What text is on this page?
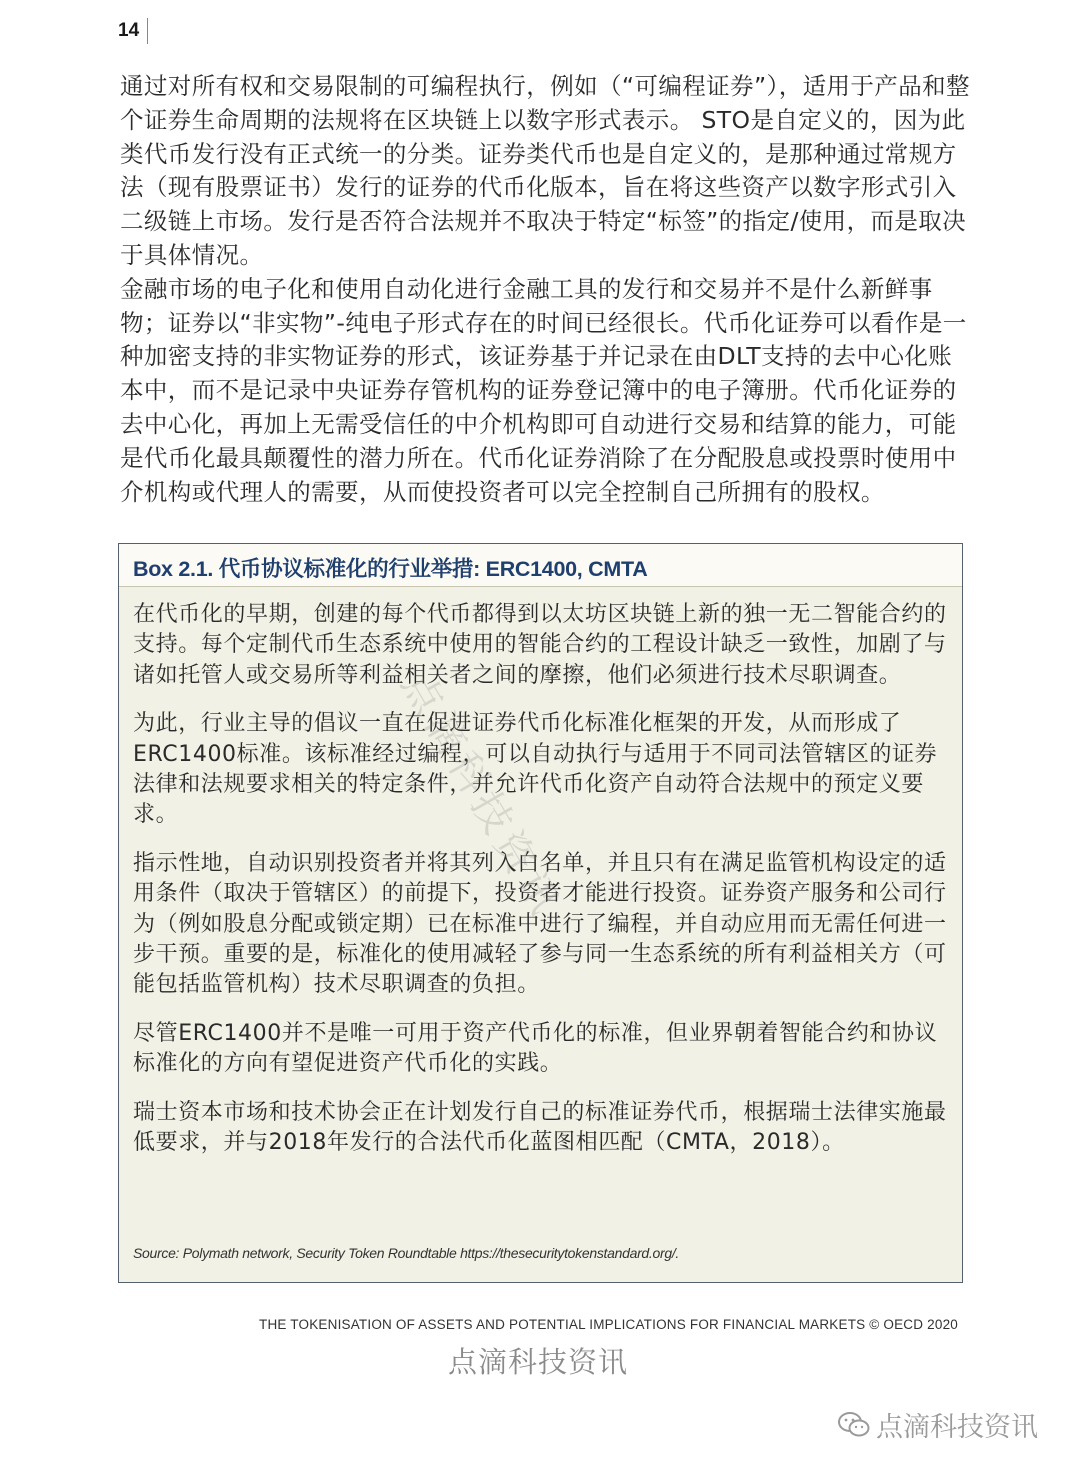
14

通过对所有权和交易限制的可编程执行，例如（“可编程证券”），适用于产品和整个证券生命周期的法规将在区块链上以数字形式表示。 STO是自定义的，因为此类代币发行没有正式统一的分类。证券类代币也是自定义的，是那种通过常规方法（现有股票证书）发行的证券的代币化版本，旨在将这些资产以数字形式引入二级链上市场。发行是否符合法规并不取决于特定“标签”的指定/使用，而是取决于具体情况。

金融市场的电子化和使用自动化进行金融工具的发行和交易并不是什么新鲜事物；证券以“非实物”-纯电子形式存在的时间已经很长。代币化证券可以看作是一种加密支持的非实物证券的形式，该证券基于并记录在由DLT支持的去中心化账本中，而不是记录中央证券存管机构的证券登记簿中的电子簿册。代币化证券的去中心化，再加上无需受信任的中介机构即可自动进行交易和结算的能力，可能是代币化最具颠覆性的潜力所在。代币化证券消除了在分配股息或投票时使用中介机构或代理人的需要，从而使投资者可以完全控制自己所拥有的股权。

Box 2.1. 代币协议标准化的行业举措: ERC1400, CMTA

在代币化的早期，创建的每个代币都得到以太坊区块链上新的独一无二智能合约的支持。每个定制代币生态系统中使用的智能合约的工程设计缺乏一致性，加剧了与诸如托管人或交易所等利益相关者之间的摩擦，他们必须进行技术尽职调查。

为此，行业主导的倡议一直在促进证券代币化标准化框架的开发，从而形成了ERC1400标准。该标准经过编程，可以自动执行与适用于不同司法管辖区的证券法律和法规要求相关的特定条件，并允许代币化资产自动符合法规中的预定义要求。

指示性地，自动识别投资者并将其列入白名单，并且只有在满足监管机构设定的适用条件（取决于管辖区）的前提下，投资者才能进行投资。证券资产服务和公司行为（例如股息分配或锁定期）已在标准中进行了编程，并自动应用而无需任何进一步干预。重要的是，标准化的使用减轻了参与同一生态系统的所有利益相关方（可能包括监管机构）技术尽职调查的负担。

尽管ERC1400并不是唯一可用于资产代币化的标准，但业界朝着智能合约和协议标准化的方向有望促进资产代币化的实践。

瑞士资本市场和技术协会正在计划发行自己的标准证券代币，根据瑞士法律实施最低要求，并与2018年发行的合法代币化蓝图相匹配（CMTA，2018）。

Source: Polymath network, Security Token Roundtable https://thesecuritytokenstandard.org/.
点滴科技资讯
THE TOKENISATION OF ASSETS AND POTENTIAL IMPLICATIONS FOR FINANCIAL MARKETS © OECD 2020
点滴科技资讯
点滴科技资讯
